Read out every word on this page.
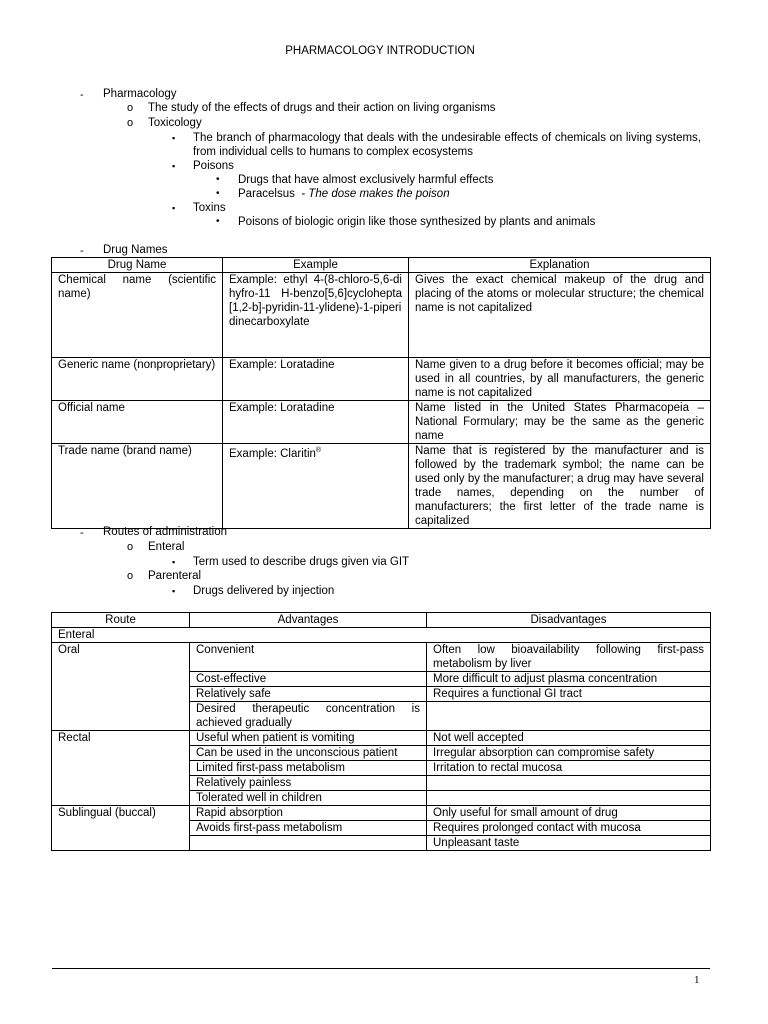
PHARMACOLOGY INTRODUCTION
- Pharmacology
o The study of the effects of drugs and their action on living organisms
o Toxicology
▪ The branch of pharmacology that deals with the undesirable effects of chemicals on living systems, from individual cells to humans to complex ecosystems
▪ Poisons
• Drugs that have almost exclusively harmful effects
• Paracelsus - The dose makes the poison
▪ Toxins
• Poisons of biologic origin like those synthesized by plants and animals
- Drug Names
Drug Name	Example	Explanation
Chemical name (scientific name)	Example: ethyl 4-(8-chloro-5,6-dihyfro-11 H-benzo[5,6]cyclohepta[1,2-b]-pyridin-11-ylidene)-1-piperidinecarboxylate	Gives the exact chemical makeup of the drug and placing of the atoms or molecular structure; the chemical name is not capitalized
Generic name (nonproprietary)	Example: Loratadine	Name given to a drug before it becomes official; may be used in all countries, by all manufacturers, the generic name is not capitalized
Official name	Example: Loratadine	Name listed in the United States Pharmacopeia – National Formulary; may be the same as the generic name
Trade name (brand name)	Example: Claritin®	Name that is registered by the manufacturer and is followed by the trademark symbol; the name can be used only by the manufacturer; a drug may have several trade names, depending on the number of manufacturers; the first letter of the trade name is capitalized
- Routes of administration
o Enteral
▪ Term used to describe drugs given via GIT
o Parenteral
▪ Drugs delivered by injection
Route	Advantages	Disadvantages
Enteral		
Oral	Convenient	Often low bioavailability following first-pass metabolism by liver
	Cost-effective	More difficult to adjust plasma concentration
	Relatively safe	Requires a functional GI tract
	Desired therapeutic concentration is achieved gradually	
Rectal	Useful when patient is vomiting	Not well accepted
	Can be used in the unconscious patient	Irregular absorption can compromise safety
	Limited first-pass metabolism	Irritation to rectal mucosa
	Relatively painless	
	Tolerated well in children	
Sublingual (buccal)	Rapid absorption	Only useful for small amount of drug
	Avoids first-pass metabolism	Requires prolonged contact with mucosa
		Unpleasant taste
1
